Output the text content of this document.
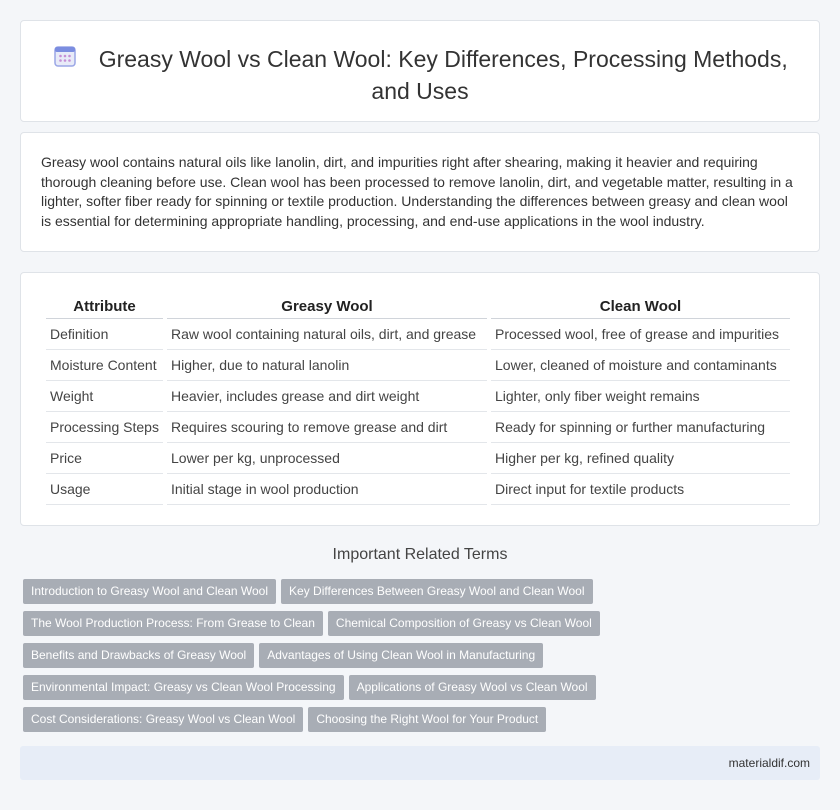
Greasy Wool vs Clean Wool: Key Differences, Processing Methods, and Uses

Greasy wool contains natural oils like lanolin, dirt, and impurities right after shearing, making it heavier and requiring thorough cleaning before use. Clean wool has been processed to remove lanolin, dirt, and vegetable matter, resulting in a lighter, softer fiber ready for spinning or textile production. Understanding the differences between greasy and clean wool is essential for determining appropriate handling, processing, and end-use applications in the wool industry.

Attribute	Greasy Wool	Clean Wool
Definition	Raw wool containing natural oils, dirt, and grease	Processed wool, free of grease and impurities
Moisture Content	Higher, due to natural lanolin	Lower, cleaned of moisture and contaminants
Weight	Heavier, includes grease and dirt weight	Lighter, only fiber weight remains
Processing Steps	Requires scouring to remove grease and dirt	Ready for spinning or further manufacturing
Price	Lower per kg, unprocessed	Higher per kg, refined quality
Usage	Initial stage in wool production	Direct input for textile products
Important Related Terms
Introduction to Greasy Wool and Clean Wool Key Differences Between Greasy Wool and Clean Wool
The Wool Production Process: From Grease to Clean Chemical Composition of Greasy vs Clean Wool
Benefits and Drawbacks of Greasy Wool Advantages of Using Clean Wool in Manufacturing
Environmental Impact: Greasy vs Clean Wool Processing Applications of Greasy Wool vs Clean Wool
Cost Considerations: Greasy Wool vs Clean Wool Choosing the Right Wool for Your Product
materialdif.com
